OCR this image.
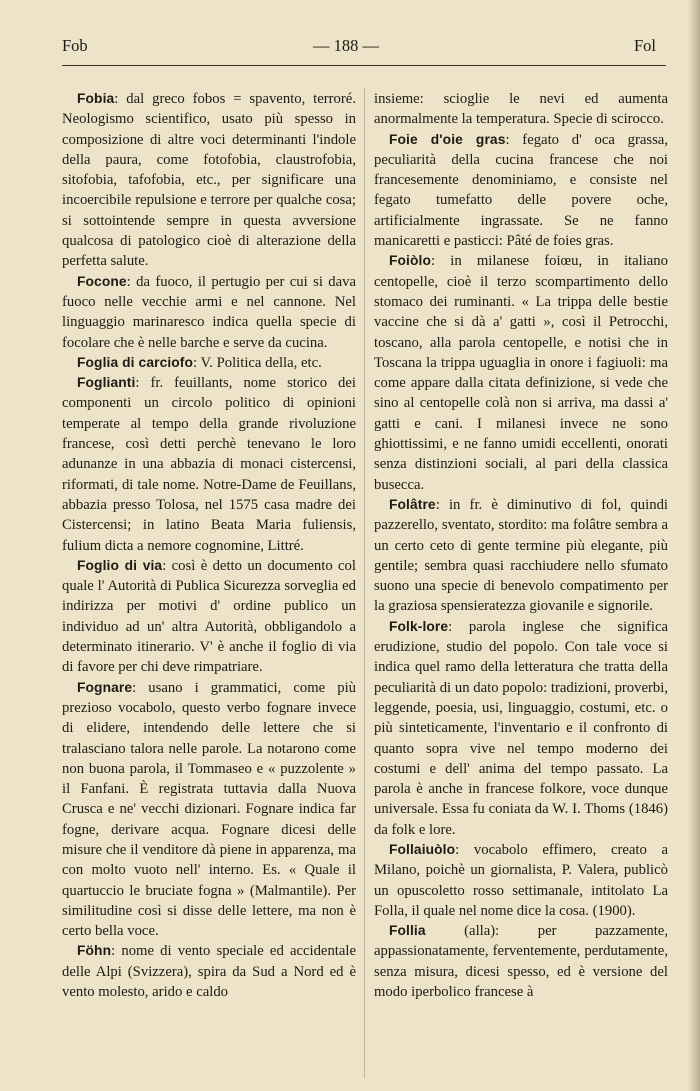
Fob	— 188 —	Fol

Fobia: dal greco fobos = spavento, terroré. Neologismo scientifico, usato più spesso in composizione di altre voci determinanti l'indole della paura, come fotofobia, claustrofobia, sitofobia, tafofobia, etc., per significare una incoercibile repulsione e terrore per qualche cosa; si sottointende sempre in questa avversione qualcosa di patologico cioè di alterazione della perfetta salute.

Focone: da fuoco, il pertugio per cui si dava fuoco nelle vecchie armi e nel cannone. Nel linguaggio marinaresco indica quella specie di focolare che è nelle barche e serve da cucina.

Foglia di carciofo: V. Politica della, etc.

Foglianti: fr. feuillants, nome storico dei componenti un circolo politico di opinioni temperate al tempo della grande rivoluzione francese, così detti perchè tenevano le loro adunanze in una abbazia di monaci cistercensi, riformati, di tale nome. Notre-Dame de Feuillans, abbazia presso Tolosa, nel 1575 casa madre dei Cistercensi; in latino Beata Maria fuliensis, fulium dicta a nemore cognomine, Littré.

Foglio di via: così è detto un documento col quale l' Autorità di Publica Sicurezza sorveglia ed indirizza per motivi d' ordine publico un individuo ad un' altra Autorità, obbligandolo a determinato itinerario. V' è anche il foglio di via di favore per chi deve rimpatriare.

Fognare: usano i grammatici, come più prezioso vocabolo, questo verbo fognare invece di elidere, intendendo delle lettere che si tralasciano talora nelle parole. La notarono come non buona parola, il Tommaseo e « puzzolente » il Fanfani. È registrata tuttavia dalla Nuova Crusca e ne' vecchi dizionari. Fognare indica far fogne, derivare acqua. Fognare dicesi delle misure che il venditore dà piene in apparenza, ma con molto vuoto nell' interno. Es. « Quale il quartuccio le bruciate fogna » (Malmantile). Per similitudine così si disse delle lettere, ma non è certo bella voce.

Föhn: nome di vento speciale ed accidentale delle Alpi (Svizzera), spira da Sud a Nord ed è vento molesto, arido e caldo

insieme: scioglie le nevi ed aumenta anormalmente la temperatura. Specie di scirocco.

Foie d'oie gras: fegato d' oca grassa, peculiarità della cucina francese che noi francesemente denominiamo, e consiste nel fegato tumefatto delle povere oche, artificialmente ingrassate. Se ne fanno manicaretti e pasticci: Pâté de foies gras.

Foiòlo: in milanese foiœu, in italiano centopelle, cioè il terzo scompartimento dello stomaco dei ruminanti. « La trippa delle bestie vaccine che si dà a' gatti », così il Petrocchi, toscano, alla parola centopelle, e notisi che in Toscana la trippa uguaglia in onore i fagiuoli: ma come appare dalla citata definizione, si vede che sino al centopelle colà non si arriva, ma dassi a' gatti e cani. I milanesi invece ne sono ghiottissimi, e ne fanno umidi eccellenti, onorati senza distinzioni sociali, al pari della classica busecca.

Folâtre: in fr. è diminutivo di fol, quindi pazzerello, sventato, stordito: ma folâtre sembra a un certo ceto di gente termine più elegante, più gentile; sembra quasi racchiudere nello sfumato suono una specie di benevolo compatimento per la graziosa spensieratezza giovanile e signorile.

Folk-lore: parola inglese che significa erudizione, studio del popolo. Con tale voce si indica quel ramo della letteratura che tratta della peculiarità di un dato popolo: tradizioni, proverbi, leggende, poesia, usi, linguaggio, costumi, etc. o più sinteticamente, l'inventario e il confronto di quanto sopra vive nel tempo moderno dei costumi e dell' anima del tempo passato. La parola è anche in francese folkore, voce dunque universale. Essa fu coniata da W. I. Thoms (1846) da folk e lore.

Follaiuòlo: vocabolo effimero, creato a Milano, poichè un giornalista, P. Valera, publicò un opuscoletto rosso settimanale, intitolato La Folla, il quale nel nome dice la cosa. (1900).

Follia (alla): per pazzamente, appassionatamente, ferventemente, perdutamente, senza misura, dicesi spesso, ed è versione del modo iperbolico francese à
